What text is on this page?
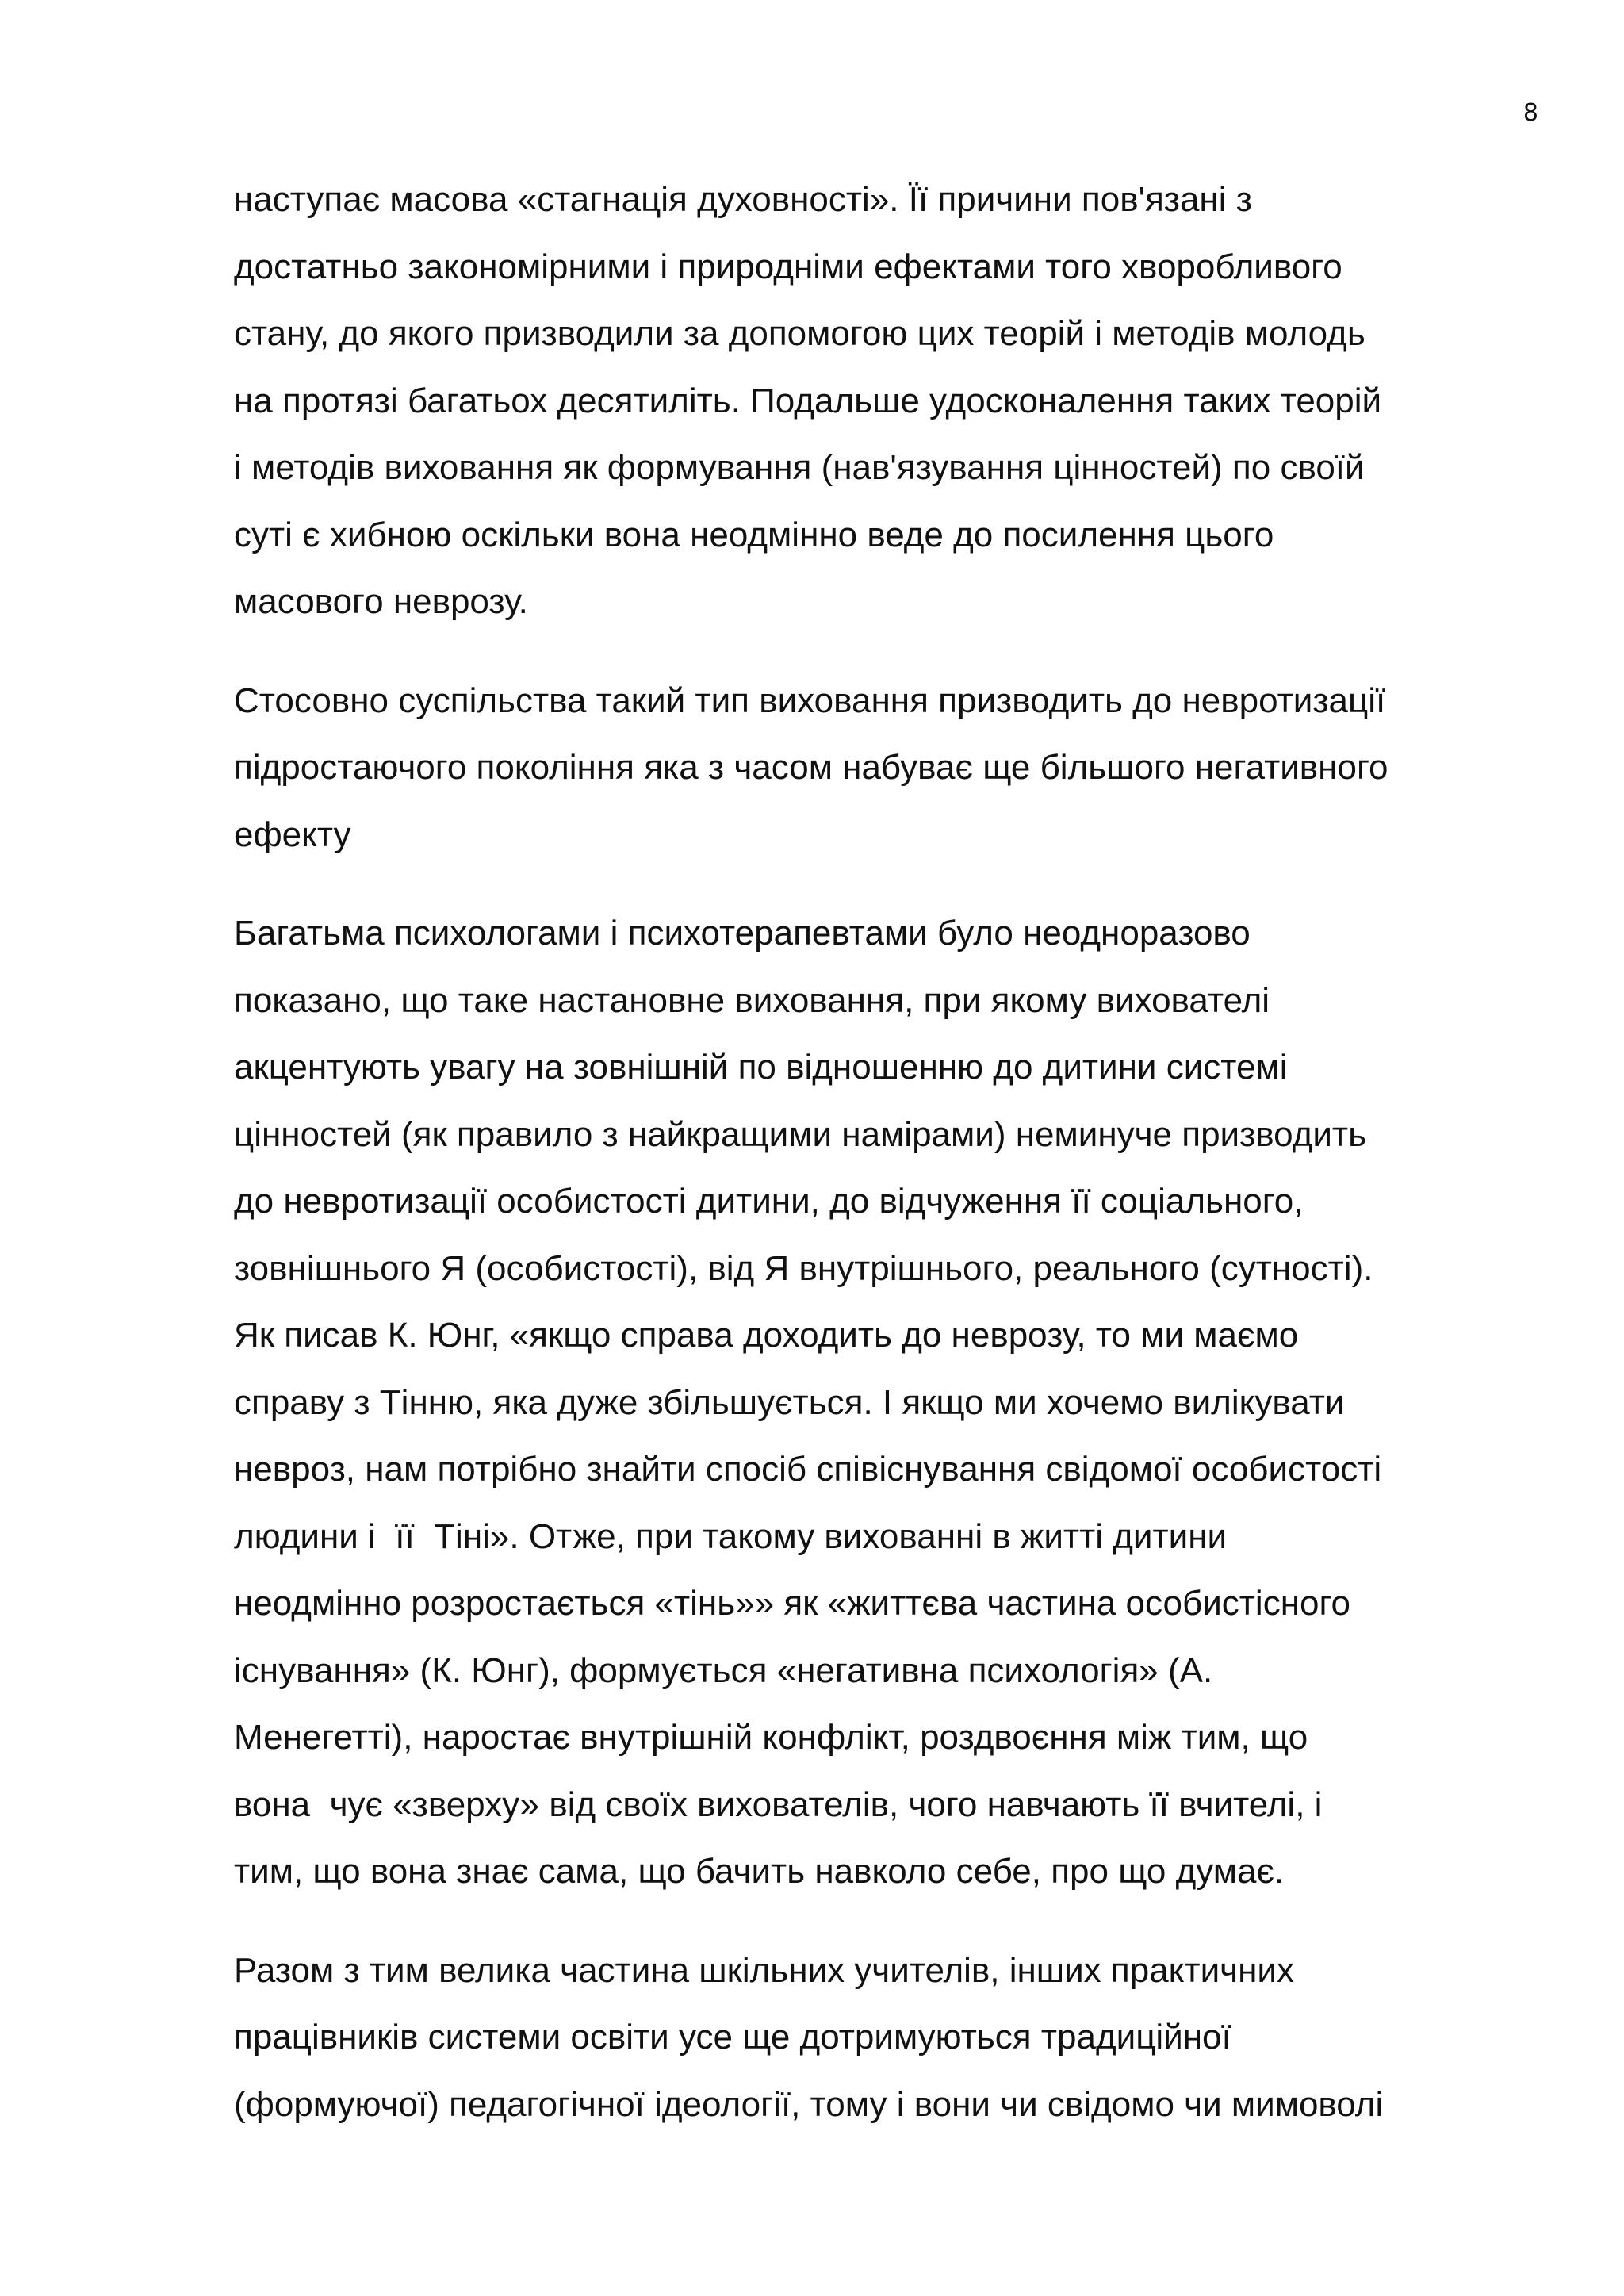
8

наступає масова «стагнація духовності». Її причини пов'язані з
достатньо закономірними і природніми ефектами того хворобливого
стану, до якого призводили за допомогою цих теорій і методів молодь
на протязі багатьох десятиліть. Подальше удосконалення таких теорій
і методів виховання як формування (нав'язування цінностей) по своїй
суті є хибною оскільки вона неодмінно веде до посилення цього
масового неврозу.

Стосовно суспільства такий тип виховання призводить до невротизації
підростаючого покоління яка з часом набуває ще більшого негативного
ефекту

Багатьма психологами і психотерапевтами було неодноразово
показано, що таке настановне виховання, при якому вихователі
акцентують увагу на зовнішній по відношенню до дитини системі
цінностей (як правило з найкращими намірами) неминуче призводить
до невротизації особистості дитини, до відчуження її соціального,
зовнішнього Я (особистості), від Я внутрішнього, реального (сутності).
Як писав К. Юнг, «якщо справа доходить до неврозу, то ми маємо
справу з Тінню, яка дуже збільшується. І якщо ми хочемо вилікувати
невроз, нам потрібно знайти спосіб співіснування свідомої особистості
людини і  її  Тіні». Отже, при такому вихованні в житті дитини
неодмінно розростається «тінь»» як «життєва частина особистісного
існування» (К. Юнг), формується «негативна психологія» (А.
Менегетті), наростає внутрішній конфлікт, роздвоєння між тим, що
вона  чує «зверху» від своїх вихователів, чого навчають її вчителі, і
тим, що вона знає сама, що бачить навколо себе, про що думає.

Разом з тим велика частина шкільних учителів, інших практичних
працівників системи освіти усе ще дотримуються традиційної
(формуючої) педагогічної ідеології, тому і вони чи свідомо чи мимоволі
